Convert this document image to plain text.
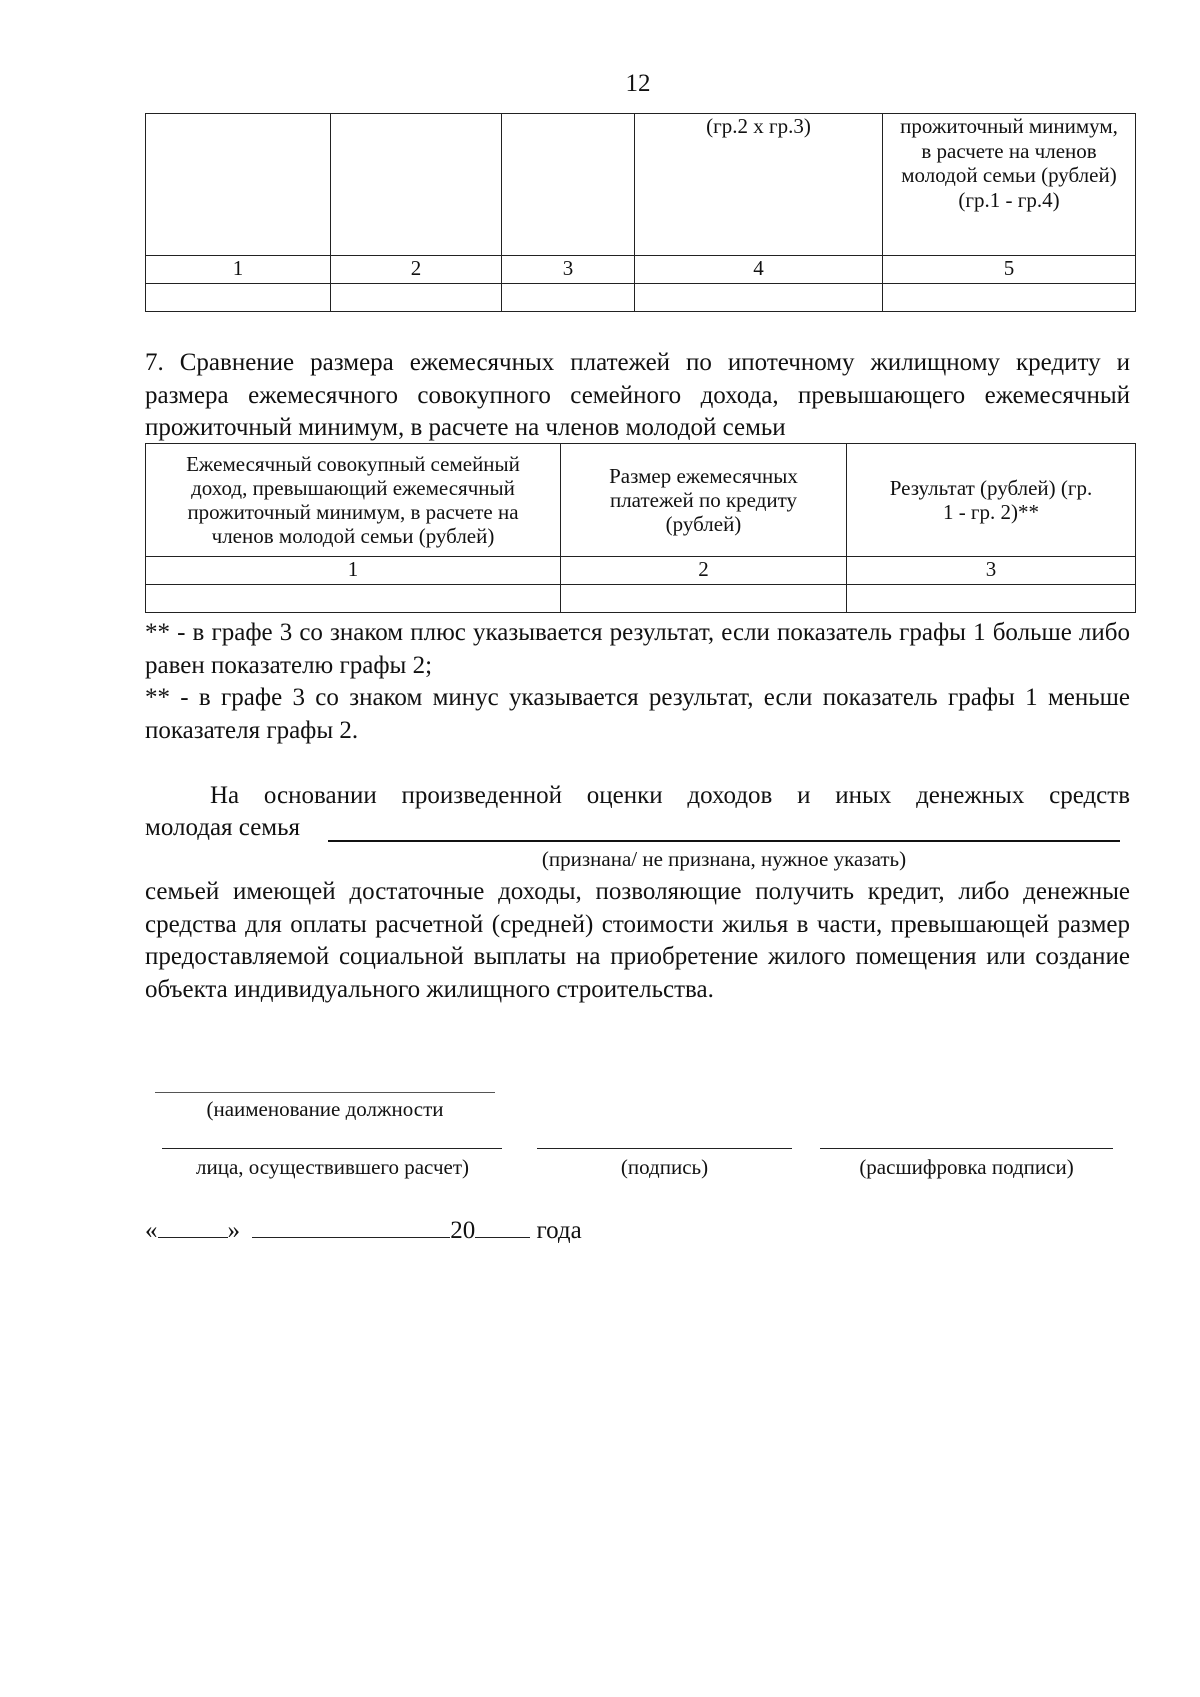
12
			(гр.2 x гр.3)	прожиточный минимум, в расчете на членов молодой семьи (рублей) (гр.1 - гр.4)
1	2	3	4	5

7. Сравнение размера ежемесячных платежей по ипотечному жилищному кредиту и размера ежемесячного совокупного семейного дохода, превышающего ежемесячный прожиточный минимум, в расчете на членов молодой семьи
Ежемесячный совокупный семейный доход, превышающий ежемесячный прожиточный минимум, в расчете на членов молодой семьи (рублей)	Размер ежемесячных платежей по кредиту (рублей)	Результат (рублей) (гр. 1 - гр. 2)**
1	2	3

** - в графе 3 со знаком плюс указывается результат, если показатель графы 1 больше либо равен показателю графы 2;
** - в графе 3 со знаком минус указывается результат, если показатель графы 1 меньше показателя графы 2.
На основании произведенной оценки доходов и иных денежных средств
молодая семья
(признана/ не признана, нужное указать)
семьей имеющей достаточные доходы, позволяющие получить кредит, либо денежные средства для оплаты расчетной (средней) стоимости жилья в части, превышающей размер предоставляемой социальной выплаты на приобретение жилого помещения или создание объекта индивидуального жилищного строительства.
(наименование должности
лица, осуществившего расчет)	(подпись)	(расшифровка подписи)
«	»	20 года
